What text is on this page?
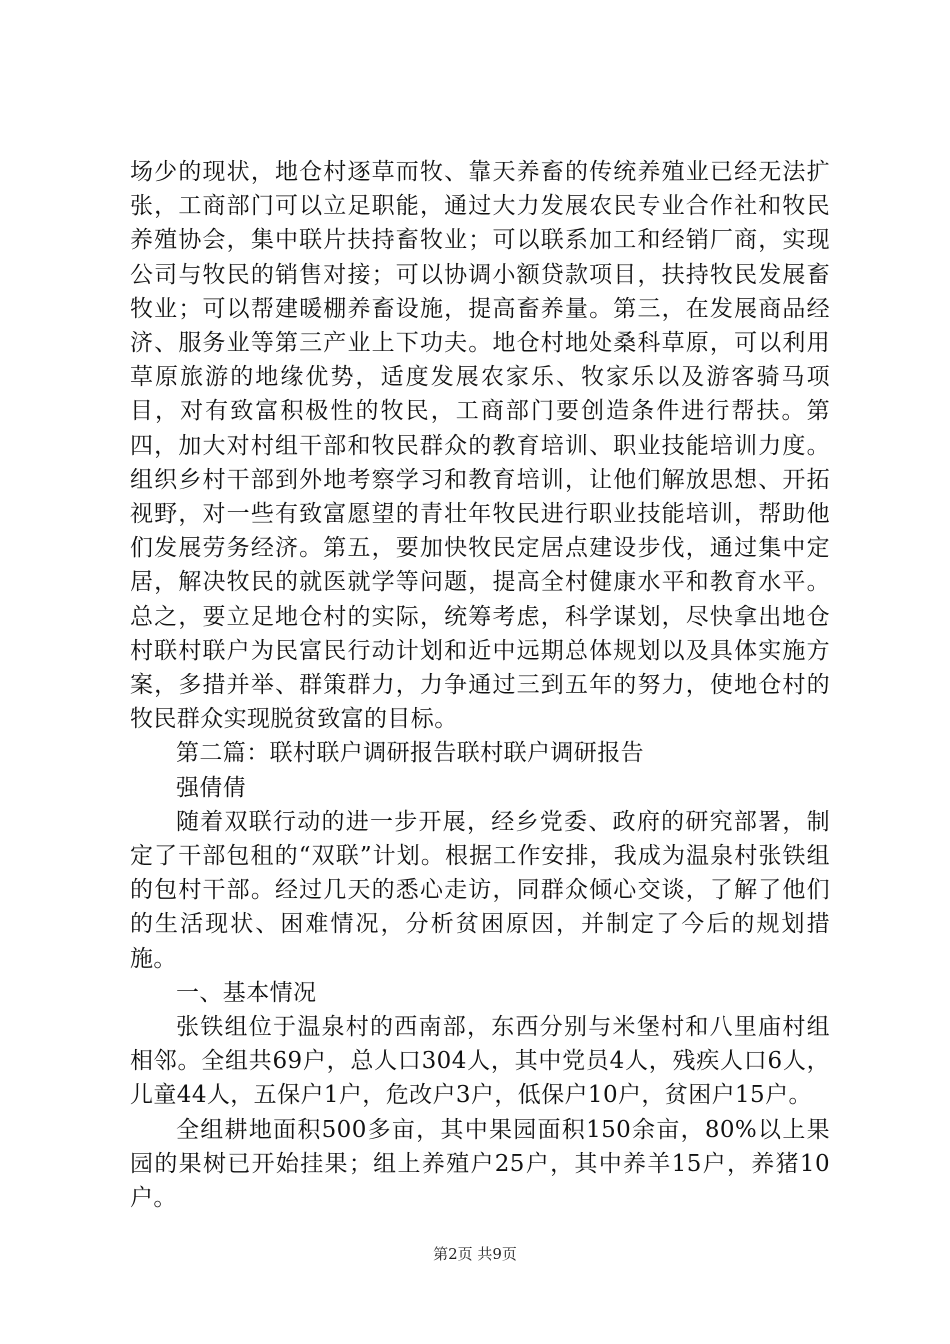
场少的现状，地仓村逐草而牧、靠天养畜的传统养殖业已经无法扩张，工商部门可以立足职能，通过大力发展农民专业合作社和牧民养殖协会，集中联片扶持畜牧业；可以联系加工和经销厂商，实现公司与牧民的销售对接；可以协调小额贷款项目，扶持牧民发展畜牧业；可以帮建暖棚养畜设施，提高畜养量。第三，在发展商品经济、服务业等第三产业上下功夫。地仓村地处桑科草原，可以利用草原旅游的地缘优势，适度发展农家乐、牧家乐以及游客骑马项目，对有致富积极性的牧民，工商部门要创造条件进行帮扶。第四，加大对村组干部和牧民群众的教育培训、职业技能培训力度。组织乡村干部到外地考察学习和教育培训，让他们解放思想、开拓视野，对一些有致富愿望的青壮年牧民进行职业技能培训，帮助他们发展劳务经济。第五，要加快牧民定居点建设步伐，通过集中定居，解决牧民的就医就学等问题，提高全村健康水平和教育水平。总之，要立足地仓村的实际，统筹考虑，科学谋划，尽快拿出地仓村联村联户为民富民行动计划和近中远期总体规划以及具体实施方案，多措并举、群策群力，力争通过三到五年的努力，使地仓村的牧民群众实现脱贫致富的目标。

第二篇：联村联户调研报告联村联户调研报告

强倩倩

随着双联行动的进一步开展，经乡党委、政府的研究部署，制定了干部包租的“双联”计划。根据工作安排，我成为温泉村张铁组的包村干部。经过几天的悉心走访，同群众倾心交谈，了解了他们的生活现状、困难情况，分析贫困原因，并制定了今后的规划措施。

一、基本情况

张铁组位于温泉村的西南部，东西分别与米堡村和八里庙村组相邻。全组共69户，总人口304人，其中党员4人，残疾人口6人，儿童44人，五保户1户，危改户3户，低保户10户，贫困户15户。

全组耕地面积500多亩，其中果园面积150余亩，80%以上果园的果树已开始挂果；组上养殖户25户，其中养羊15户，养猪10户。

第2页 共9页
